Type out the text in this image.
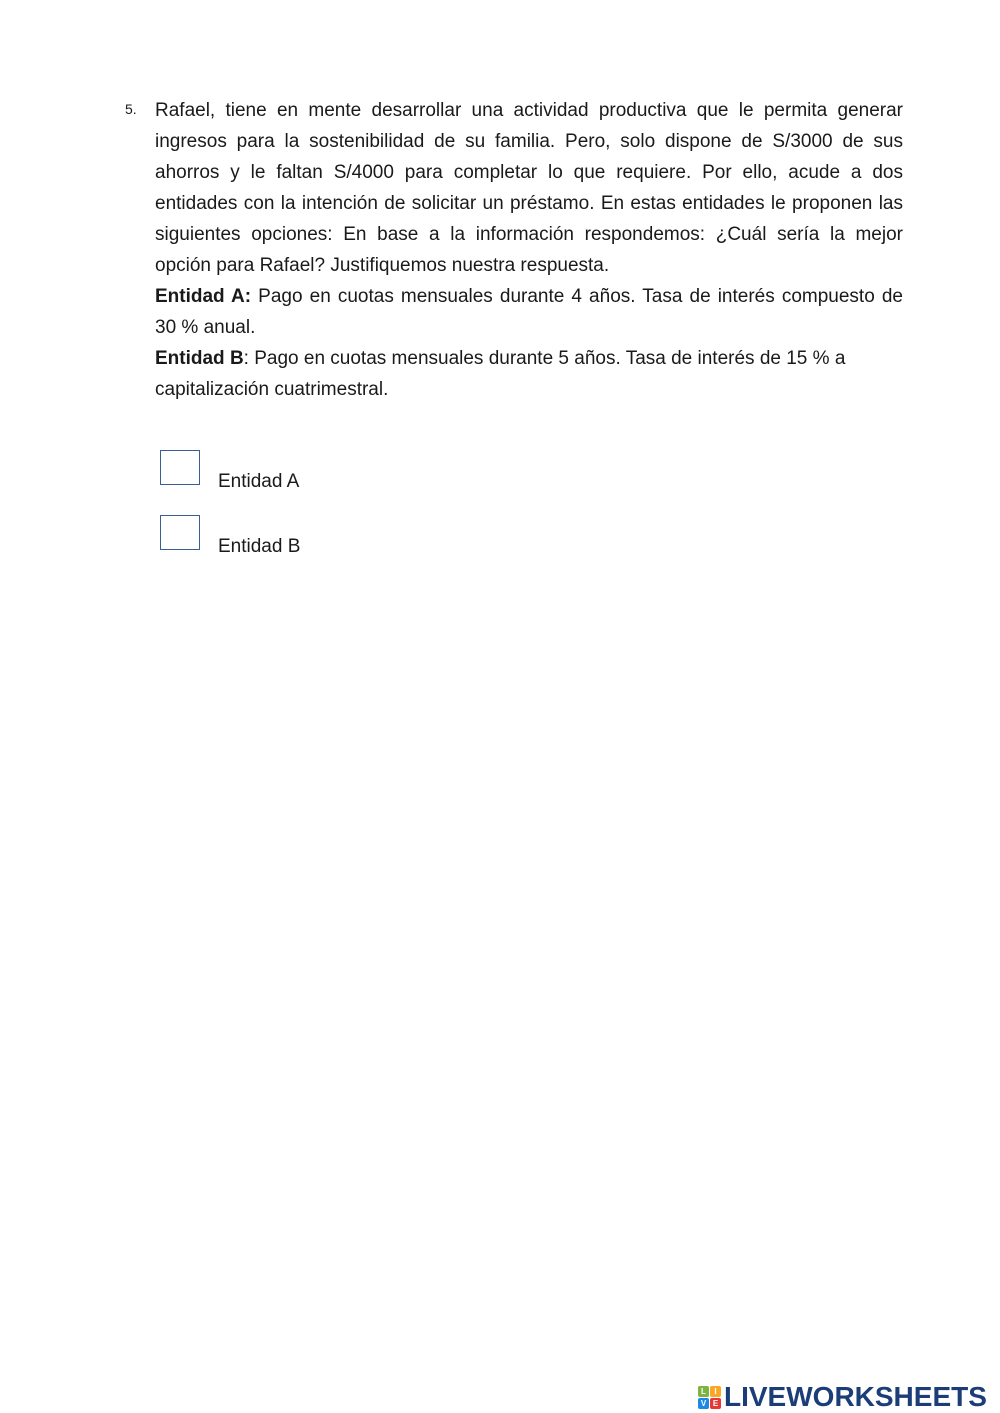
5. Rafael, tiene en mente desarrollar una actividad productiva que le permita generar ingresos para la sostenibilidad de su familia. Pero, solo dispone de S/3000 de sus ahorros y le faltan S/4000 para completar lo que requiere. Por ello, acude a dos entidades con la intención de solicitar un préstamo. En estas entidades le proponen las siguientes opciones: En base a la información respondemos: ¿Cuál sería la mejor opción para Rafael? Justifiquemos nuestra respuesta.

Entidad A: Pago en cuotas mensuales durante 4 años. Tasa de interés compuesto de 30 % anual.

Entidad B: Pago en cuotas mensuales durante 5 años. Tasa de interés de 15 % a capitalización cuatrimestral.

Entidad A
Entidad B
L	I
V E LIVEWORKSHEETS
